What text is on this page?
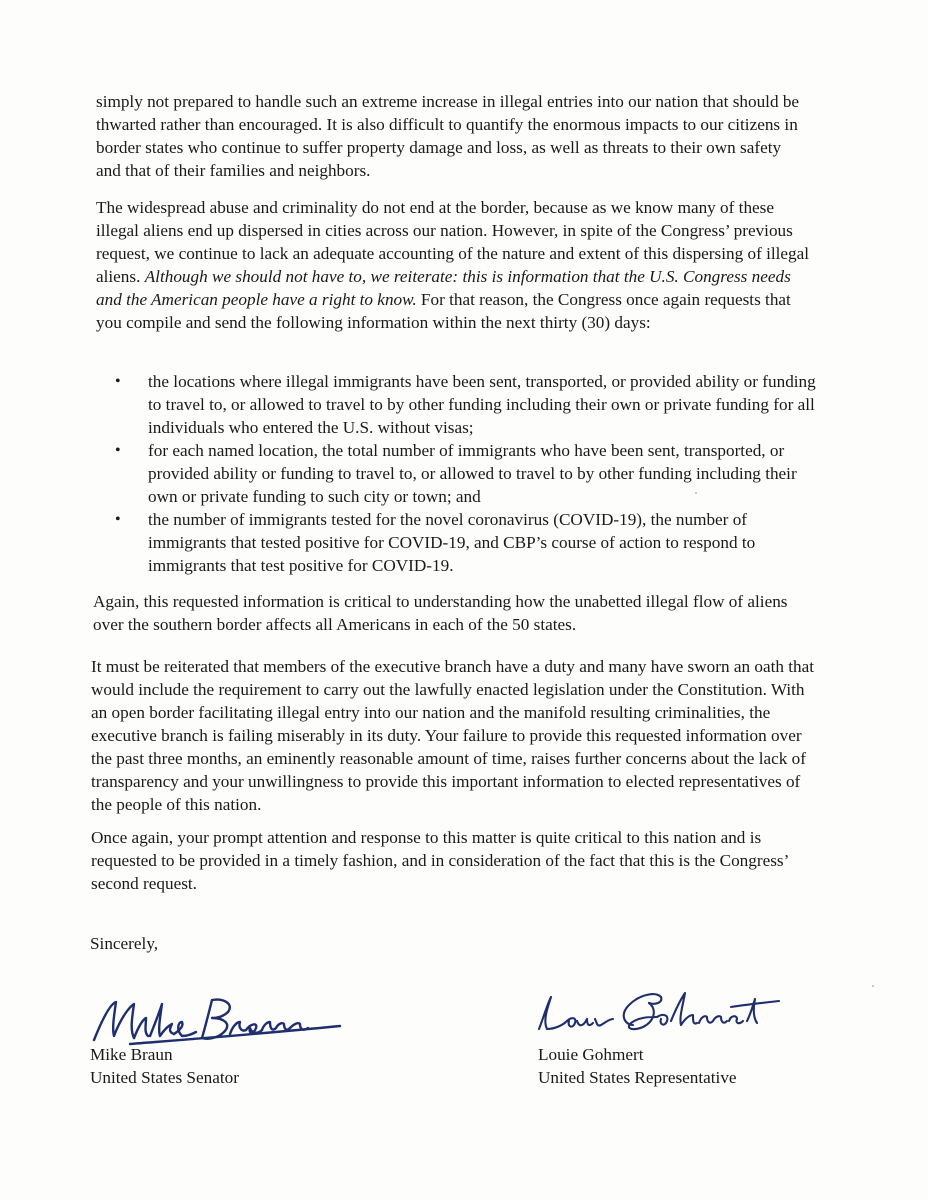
simply not prepared to handle such an extreme increase in illegal entries into our nation that should be thwarted rather than encouraged. It is also difficult to quantify the enormous impacts to our citizens in border states who continue to suffer property damage and loss, as well as threats to their own safety and that of their families and neighbors.

The widespread abuse and criminality do not end at the border, because as we know many of these illegal aliens end up dispersed in cities across our nation. However, in spite of the Congress’ previous request, we continue to lack an adequate accounting of the nature and extent of this dispersing of illegal aliens. Although we should not have to, we reiterate: this is information that the U.S. Congress needs and the American people have a right to know. For that reason, the Congress once again requests that you compile and send the following information within the next thirty (30) days:

• the locations where illegal immigrants have been sent, transported, or provided ability or funding to travel to, or allowed to travel to by other funding including their own or private funding for all individuals who entered the U.S. without visas;
• for each named location, the total number of immigrants who have been sent, transported, or provided ability or funding to travel to, or allowed to travel to by other funding including their own or private funding to such city or town; and
• the number of immigrants tested for the novel coronavirus (COVID-19), the number of immigrants that tested positive for COVID-19, and CBP’s course of action to respond to immigrants that test positive for COVID-19.

Again, this requested information is critical to understanding how the unabetted illegal flow of aliens over the southern border affects all Americans in each of the 50 states.

It must be reiterated that members of the executive branch have a duty and many have sworn an oath that would include the requirement to carry out the lawfully enacted legislation under the Constitution. With an open border facilitating illegal entry into our nation and the manifold resulting criminalities, the executive branch is failing miserably in its duty. Your failure to provide this requested information over the past three months, an eminently reasonable amount of time, raises further concerns about the lack of transparency and your unwillingness to provide this important information to elected representatives of the people of this nation.

Once again, your prompt attention and response to this matter is quite critical to this nation and is requested to be provided in a timely fashion, and in consideration of the fact that this is the Congress’ second request.

Sincerely,

Mike Braun
United States Senator
Louie Gohmert
United States Representative
